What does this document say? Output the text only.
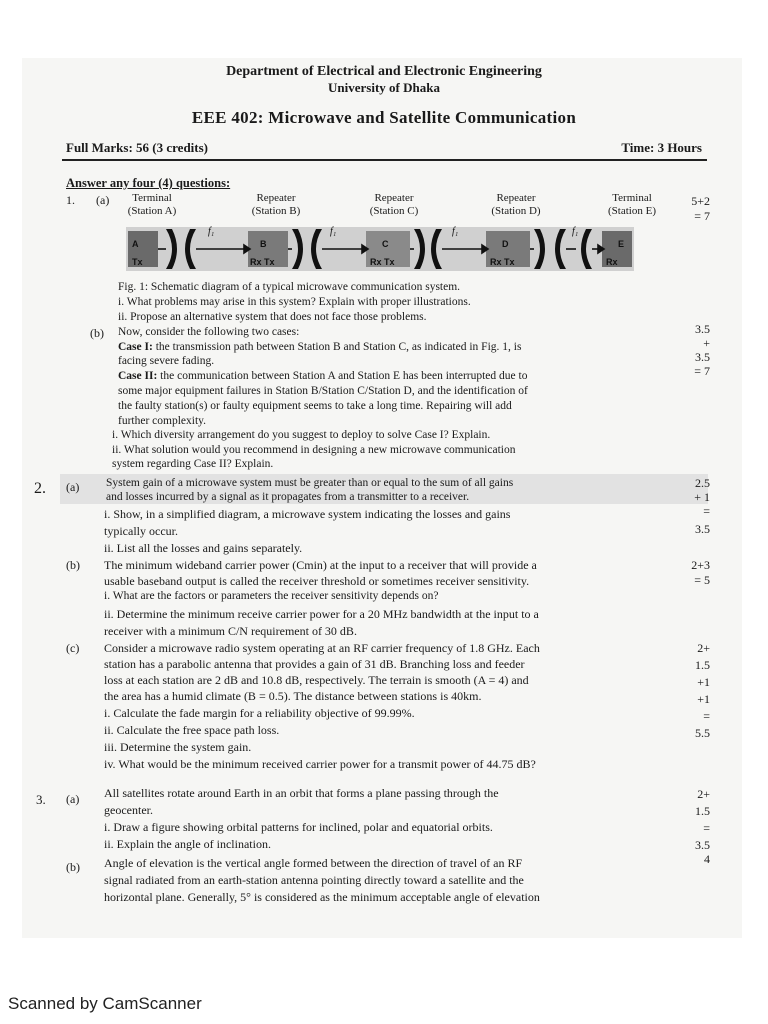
Department of Electrical and Electronic Engineering
University of Dhaka
EEE 402: Microwave and Satellite Communication
Full Marks: 56 (3 credits)	Time: 3 Hours
Answer any four (4) questions:
1. (a)	Terminal
(Station A)
Repeater
(Station B)
Repeater
(Station C)
Repeater
(Station D)
Terminal
(Station E)
5+2
= 7
f₁	f₁	f₁	f₁
A
Tx
B
Rx Tx
C
Rx Tx
D
Rx Tx
E
Rx
Fig. 1: Schematic diagram of a typical microwave communication system.
i. What problems may arise in this system? Explain with proper illustrations.
ii. Propose an alternative system that does not face those problems.
(b) Now, consider the following two cases:
Case I: the transmission path between Station B and Station C, as indicated in Fig. 1, is
facing severe fading.
Case II: the communication between Station A and Station E has been interrupted due to
some major equipment failures in Station B/Station C/Station D, and the identification of
the faulty station(s) or faulty equipment seems to take a long time. Repairing will add
further complexity.
i. Which diversity arrangement do you suggest to deploy to solve Case I? Explain.
ii. What solution would you recommend in designing a new microwave communication
system regarding Case II? Explain.
3.5
+
3.5
= 7
2. (a) System gain of a microwave system must be greater than or equal to the sum of all gains
and losses incurred by a signal as it propagates from a transmitter to a receiver.
i. Show, in a simplified diagram, a microwave system indicating the losses and gains
typically occur.
ii. List all the losses and gains separately.
2.5
+ 1
=
3.5
(b) The minimum wideband carrier power (Cmin) at the input to a receiver that will provide a
usable baseband output is called the receiver threshold or sometimes receiver sensitivity.
i. What are the factors or parameters the receiver sensitivity depends on?
ii. Determine the minimum receive carrier power for a 20 MHz bandwidth at the input to a
receiver with a minimum C/N requirement of 30 dB.
2+3
= 5
(c) Consider a microwave radio system operating at an RF carrier frequency of 1.8 GHz. Each
station has a parabolic antenna that provides a gain of 31 dB. Branching loss and feeder
loss at each station are 2 dB and 10.8 dB, respectively. The terrain is smooth (A = 4) and
the area has a humid climate (B = 0.5). The distance between stations is 40km.
i. Calculate the fade margin for a reliability objective of 99.99%.
ii. Calculate the free space path loss.
iii. Determine the system gain.
iv. What would be the minimum received carrier power for a transmit power of 44.75 dB?
2+
1.5
+1
+1
=
5.5
3. (a) All satellites rotate around Earth in an orbit that forms a plane passing through the
geocenter.
i. Draw a figure showing orbital patterns for inclined, polar and equatorial orbits.
ii. Explain the angle of inclination.
2+
1.5
=
3.5
(b) Angle of elevation is the vertical angle formed between the direction of travel of an RF
signal radiated from an earth-station antenna pointing directly toward a satellite and the
horizontal plane. Generally, 5° is considered as the minimum acceptable angle of elevation
4
Scanned by CamScanner
